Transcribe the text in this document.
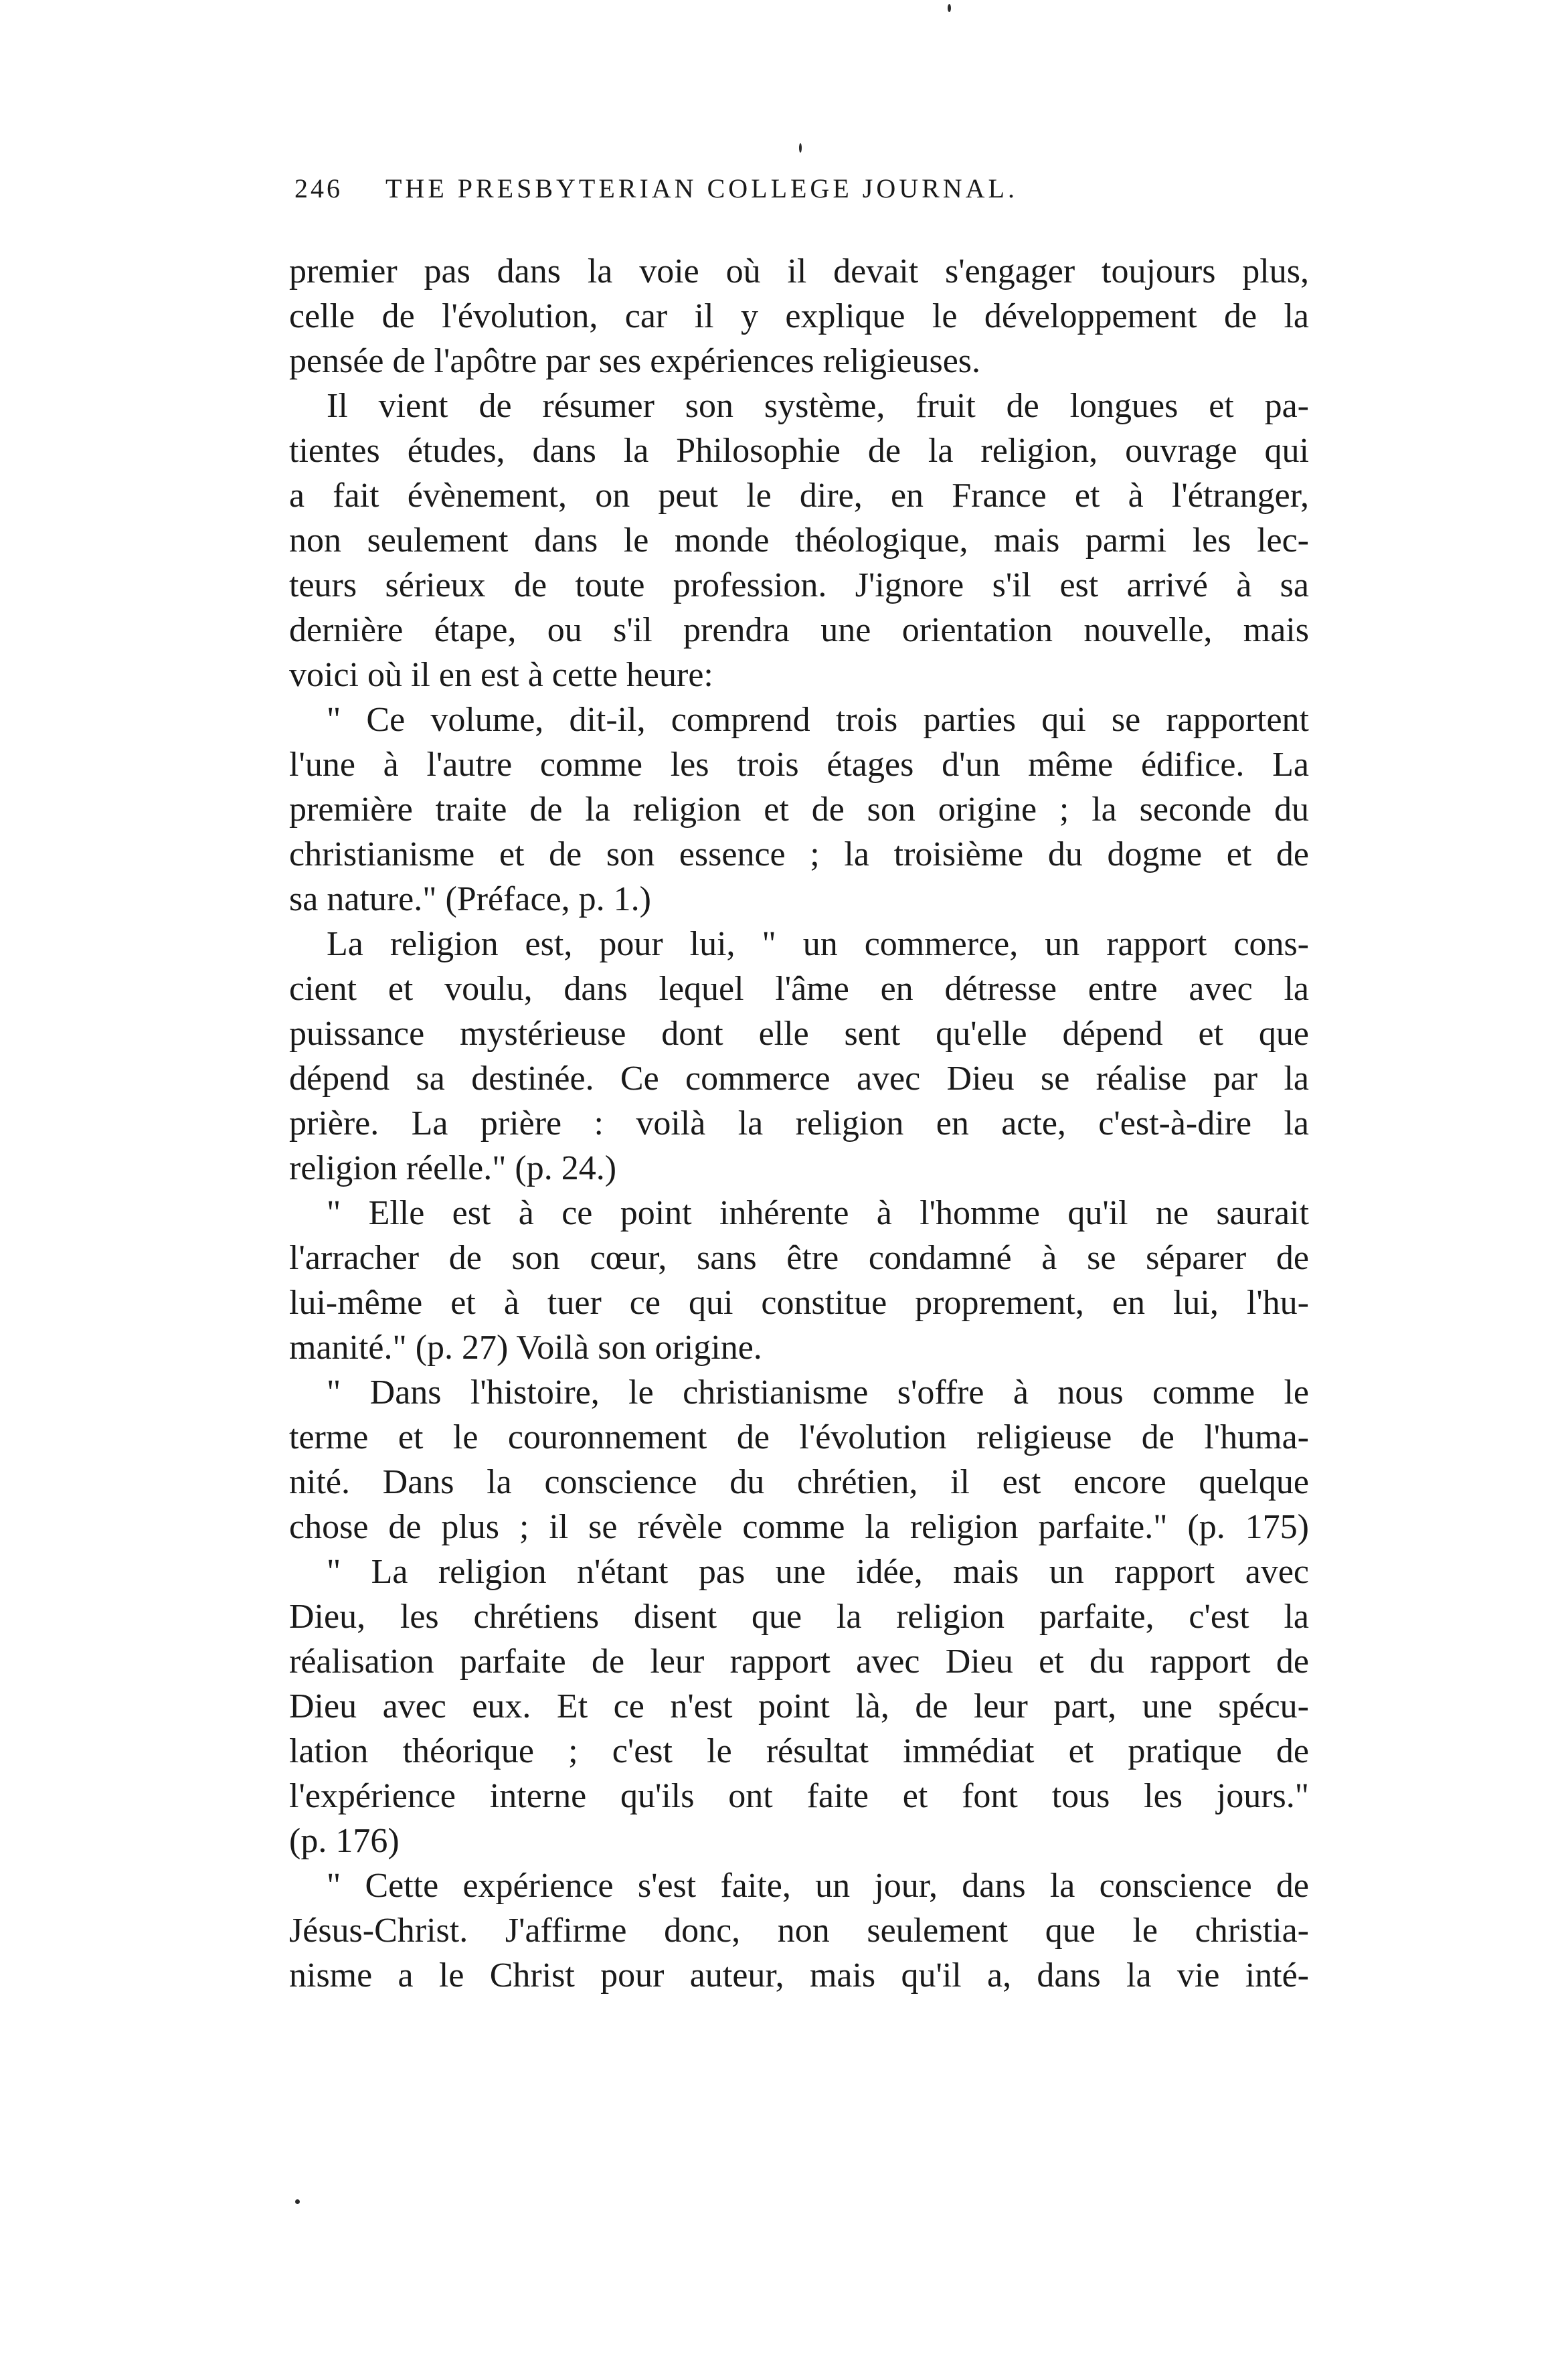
246 THE PRESBYTERIAN COLLEGE JOURNAL.
premier pas dans la voie où il devait s'engager toujours plus,
celle de l'évolution, car il y explique le développement de la
pensée de l'apôtre par ses expériences religieuses.
Il vient de résumer son système, fruit de longues et pa-
tientes études, dans la Philosophie de la religion, ouvrage qui
a fait évènement, on peut le dire, en France et à l'étranger,
non seulement dans le monde théologique, mais parmi les lec-
teurs sérieux de toute profession. J'ignore s'il est arrivé à sa
dernière étape, ou s'il prendra une orientation nouvelle, mais
voici où il en est à cette heure:
" Ce volume, dit-il, comprend trois parties qui se rapportent
l'une à l'autre comme les trois étages d'un même édifice. La
première traite de la religion et de son origine ; la seconde du
christianisme et de son essence ; la troisième du dogme et de
sa nature." (Préface, p. 1.)
La religion est, pour lui, " un commerce, un rapport cons-
cient et voulu, dans lequel l'âme en détresse entre avec la
puissance mystérieuse dont elle sent qu'elle dépend et que
dépend sa destinée. Ce commerce avec Dieu se réalise par la
prière. La prière : voilà la religion en acte, c'est-à-dire la
religion réelle." (p. 24.)
" Elle est à ce point inhérente à l'homme qu'il ne saurait
l'arracher de son cœur, sans être condamné à se séparer de
lui-même et à tuer ce qui constitue proprement, en lui, l'hu-
manité." (p. 27) Voilà son origine.
" Dans l'histoire, le christianisme s'offre à nous comme le
terme et le couronnement de l'évolution religieuse de l'huma-
nité. Dans la conscience du chrétien, il est encore quelque
chose de plus ; il se révèle comme la religion parfaite." (p. 175)
" La religion n'étant pas une idée, mais un rapport avec
Dieu, les chrétiens disent que la religion parfaite, c'est la
réalisation parfaite de leur rapport avec Dieu et du rapport de
Dieu avec eux. Et ce n'est point là, de leur part, une spécu-
lation théorique ; c'est le résultat immédiat et pratique de
l'expérience interne qu'ils ont faite et font tous les jours."
(p. 176)
" Cette expérience s'est faite, un jour, dans la conscience de
Jésus-Christ. J'affirme donc, non seulement que le christia-
nisme a le Christ pour auteur, mais qu'il a, dans la vie inté-
